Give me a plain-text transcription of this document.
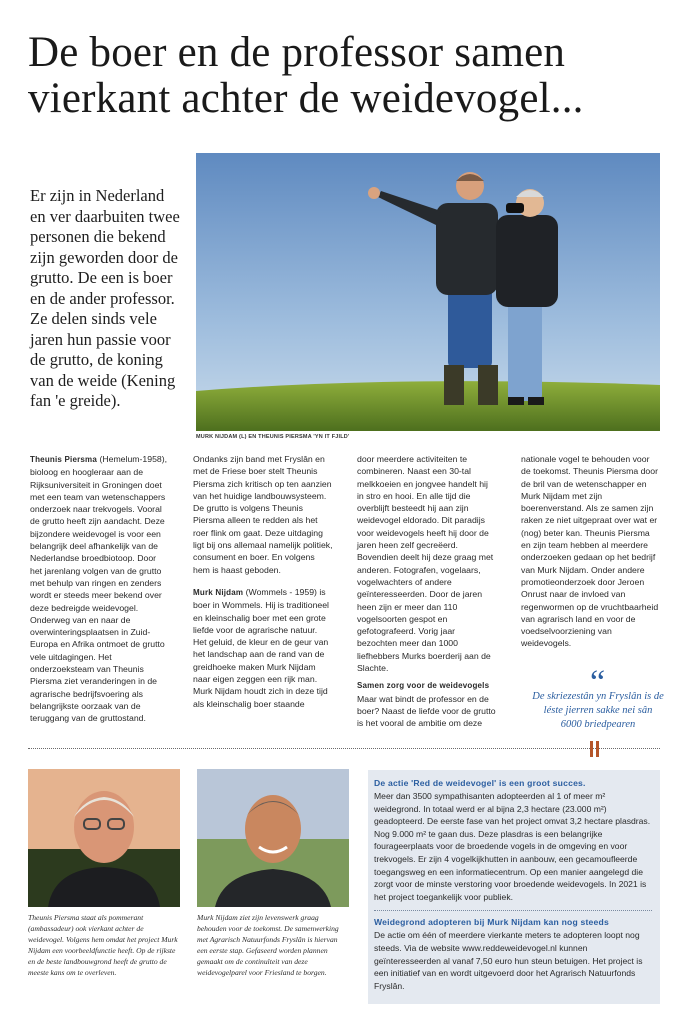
De boer en de professor samen
vierkant achter de weidevogel...
Er zijn in Nederland en ver daarbuiten twee personen die bekend zijn geworden door de grutto. De een is boer en de ander professor. Ze delen sinds vele jaren hun passie voor de grutto, de koning van de weide (Kening fan 'e greide).
MURK NIJDAM (L) EN THEUNIS PIERSMA 'YN IT FJILD'

Theunis Piersma (Hemelum-1958), bioloog en hoogleraar aan de Rijksuniversiteit in Groningen doet met een team van wetenschappers onderzoek naar trekvogels. Vooral de grutto heeft zijn aandacht. Deze bijzondere weidevogel is voor een belangrijk deel afhankelijk van de Nederlandse broedbiotoop. Door het jarenlang volgen van de grutto met behulp van ringen en zenders wordt er steeds meer bekend over deze bedreigde weidevogel. Onderweg van en naar de overwinteringsplaatsen in Zuid-Europa en Afrika ontmoet de grutto vele uitdagingen. Het onderzoeksteam van Theunis Piersma ziet veranderingen in de agrarische bedrijfsvoering als belangrijkste oorzaak van de teruggang van de gruttostand.

Ondanks zijn band met Fryslân en met de Friese boer stelt Theunis Piersma zich kritisch op ten aanzien van het huidige landbouwsysteem. De grutto is volgens Theunis Piersma alleen te redden als het roer flink om gaat. Deze uitdaging ligt bij ons allemaal namelijk politiek, consument en boer. En volgens hem is haast geboden.

Murk Nijdam (Wommels - 1959) is boer in Wommels. Hij is traditioneel en kleinschalig boer met een grote liefde voor de agrarische natuur. Het geluid, de kleur en de geur van het landschap aan de rand van de greidhoeke maken Murk Nijdam naar eigen zeggen een rijk man. Murk Nijdam houdt zich in deze tijd als kleinschalig boer staande

door meerdere activiteiten te combineren. Naast een 30-tal melkkoeien en jongvee handelt hij in stro en hooi. En alle tijd die overblijft besteedt hij aan zijn weidevogel eldorado. Dit paradijs voor weidevogels heeft hij door de jaren heen zelf gecreëerd. Bovendien deelt hij deze graag met anderen. Fotografen, vogelaars, vogelwachters of andere geïnteresseerden. Door de jaren heen zijn er meer dan 110 vogelsoorten gespot en gefotografeerd. Vorig jaar bezochten meer dan 1000 liefhebbers Murks boerderij aan de Slachte.

Samen zorg voor de weidevogels

Maar wat bindt de professor en de boer? Naast de liefde voor de grutto is het vooral de ambitie om deze

nationale vogel te behouden voor de toekomst. Theunis Piersma door de bril van de wetenschapper en Murk Nijdam met zijn boerenverstand. Als ze samen zijn raken ze niet uitgepraat over wat er (nog) beter kan. Theunis Piersma en zijn team hebben al meerdere onderzoeken gedaan op het bedrijf van Murk Nijdam. Onder andere promotieonderzoek door Jeroen Onrust naar de invloed van regenwormen op de vruchtbaarheid van agrarisch land en voor de voedselvoorziening van weidevogels.

“
De skriezestân yn Fryslân is de léste jierren sakke nei sân 6000 briedpearen
Theunis Piersma staat als pommerant (ambassadeur) ook vierkant achter de weidevogel. Volgens hem omdat het project Murk Nijdam een voorbeeldfunctie heeft. Op de rijkste en de beste landbouwgrond heeft de grutto de meeste kans om te overleven.
Murk Nijdam ziet zijn levenswerk graag behouden voor de toekomst. De samenwerking met Agrarisch Natuurfonds Fryslân is hiervan een eerste stap. Gefaseerd worden plannen gemaakt om de continuïteit van deze weidevogelparel voor Friesland te borgen.
De actie 'Red de weidevogel' is een groot succes.

Meer dan 3500 sympathisanten adopteerden al 1 of meer m² weidegrond. In totaal werd er al bijna 2,3 hectare (23.000 m²) geadopteerd. De eerste fase van het project omvat 3,2 hectare plasdras. Nog 9.000 m² te gaan dus. Deze plasdras is een belangrijke fourageerplaats voor de broedende vogels in de omgeving en voor trekvogels. Er zijn 4 vogelkijkhutten in aanbouw, een gecamoufleerde toegangsweg en een informatiecentrum. Op een manier aangelegd die zorgt voor de minste verstoring voor broedende weidevogels. In 2021 is het project toegankelijk voor publiek.

Weidegrond adopteren bij Murk Nijdam kan nog steeds

De actie om één of meerdere vierkante meters te adopteren loopt nog steeds. Via de website www.reddeweidevogel.nl kunnen geïnteresseerden al vanaf 7,50 euro hun steun betuigen. Het project is een initiatief van en wordt uitgevoerd door het Agrarisch Natuurfonds Fryslân.
